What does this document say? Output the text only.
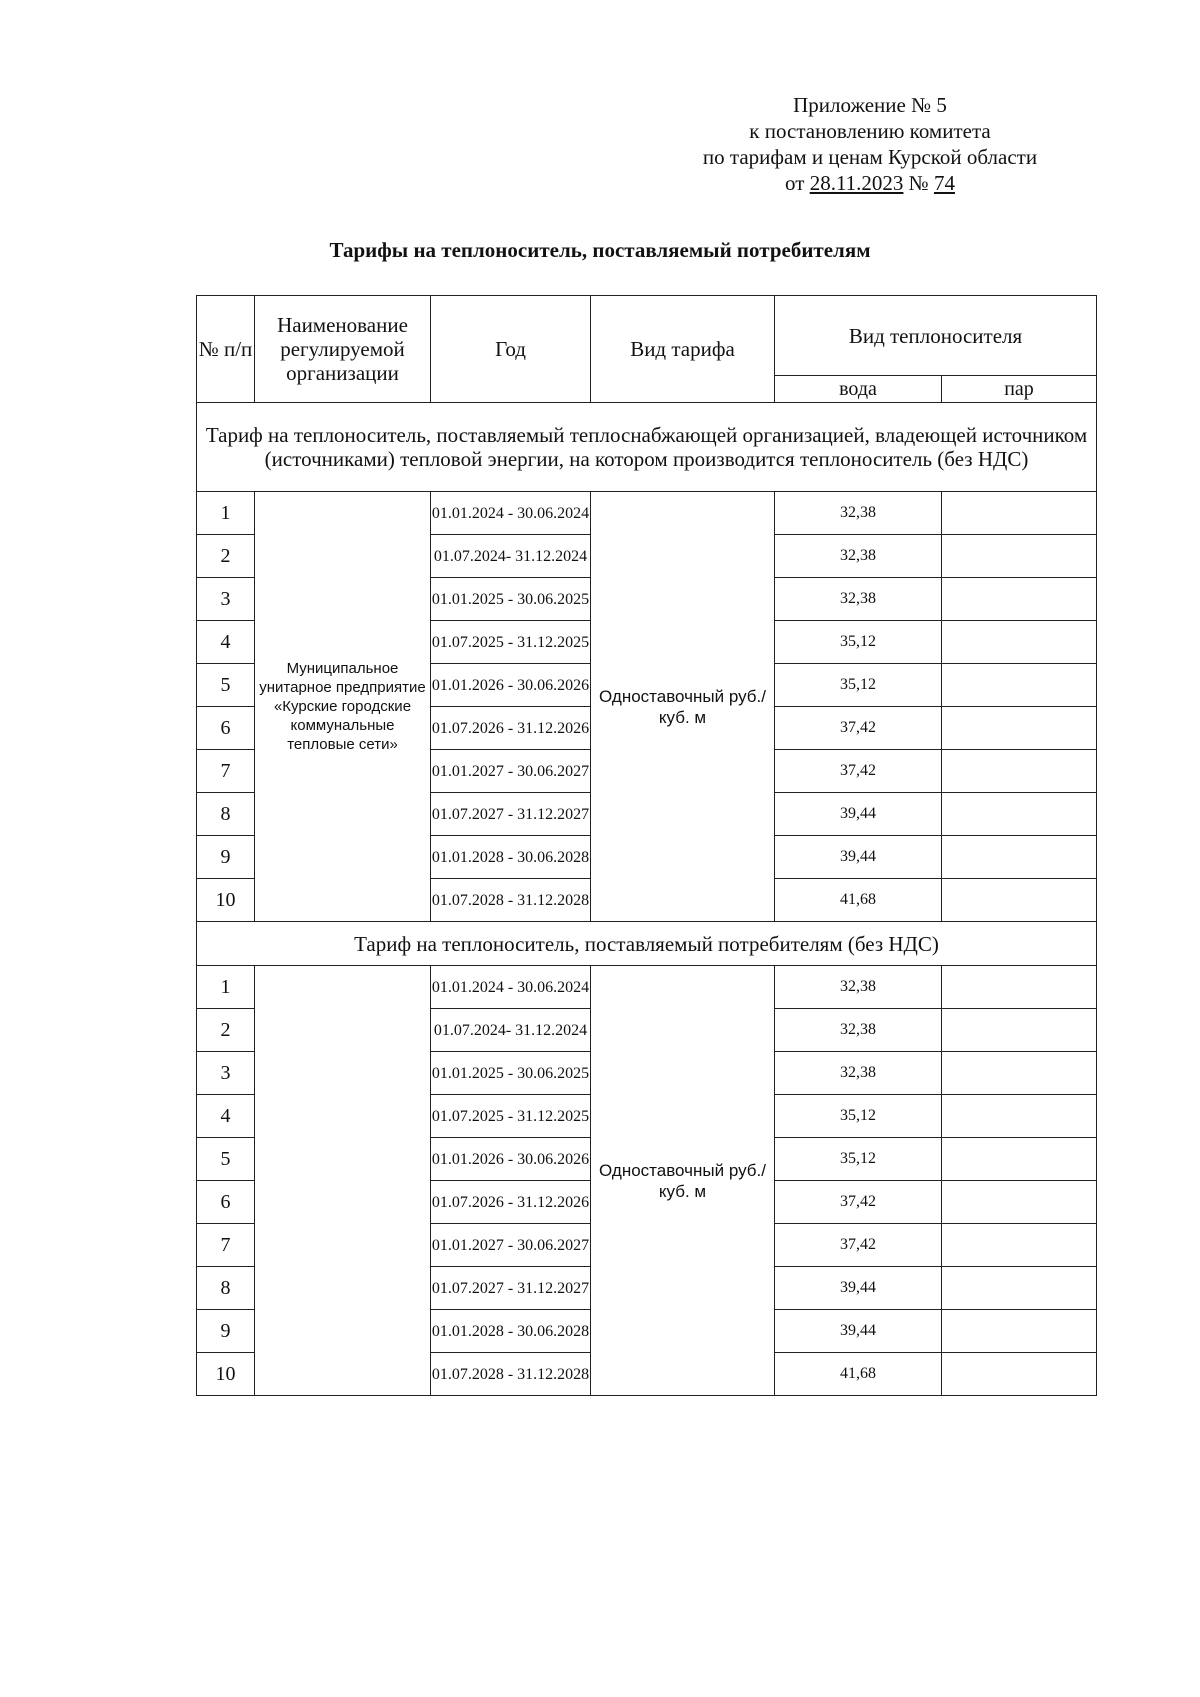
Приложение № 5
к постановлению комитета
по тарифам и ценам Курской области
от 28.11.2023 № 74
Тарифы на теплоноситель, поставляемый потребителям
№ п/п	Наименование регулируемой организации	Год	Вид тарифа	Вид теплоносителя	
				вода	пар
Тариф на теплоноситель, поставляемый теплоснабжающей организацией, владеющей источником (источниками) тепловой энергии, на котором производится теплоноситель (без НДС)					
1	Муниципальное унитарное предприятие «Курские городские коммунальные тепловые сети»	01.01.2024 - 30.06.2024	Одноставочный руб./куб. м	32,38	
2		01.07.2024- 31.12.2024		32,38	
3		01.01.2025 - 30.06.2025		32,38	
4		01.07.2025 - 31.12.2025		35,12	
5		01.01.2026 - 30.06.2026		35,12	
6		01.07.2026 - 31.12.2026		37,42	
7		01.01.2027 - 30.06.2027		37,42	
8		01.07.2027 - 31.12.2027		39,44	
9		01.01.2028 - 30.06.2028		39,44	
10		01.07.2028 - 31.12.2028		41,68	
Тариф на теплоноситель, поставляемый потребителям (без НДС)					
1		01.01.2024 - 30.06.2024	Одноставочный руб./куб. м	32,38	
2		01.07.2024- 31.12.2024		32,38	
3		01.01.2025 - 30.06.2025		32,38	
4		01.07.2025 - 31.12.2025		35,12	
5		01.01.2026 - 30.06.2026		35,12	
6		01.07.2026 - 31.12.2026		37,42	
7		01.01.2027 - 30.06.2027		37,42	
8		01.07.2027 - 31.12.2027		39,44	
9		01.01.2028 - 30.06.2028		39,44	
10		01.07.2028 - 31.12.2028		41,68	
